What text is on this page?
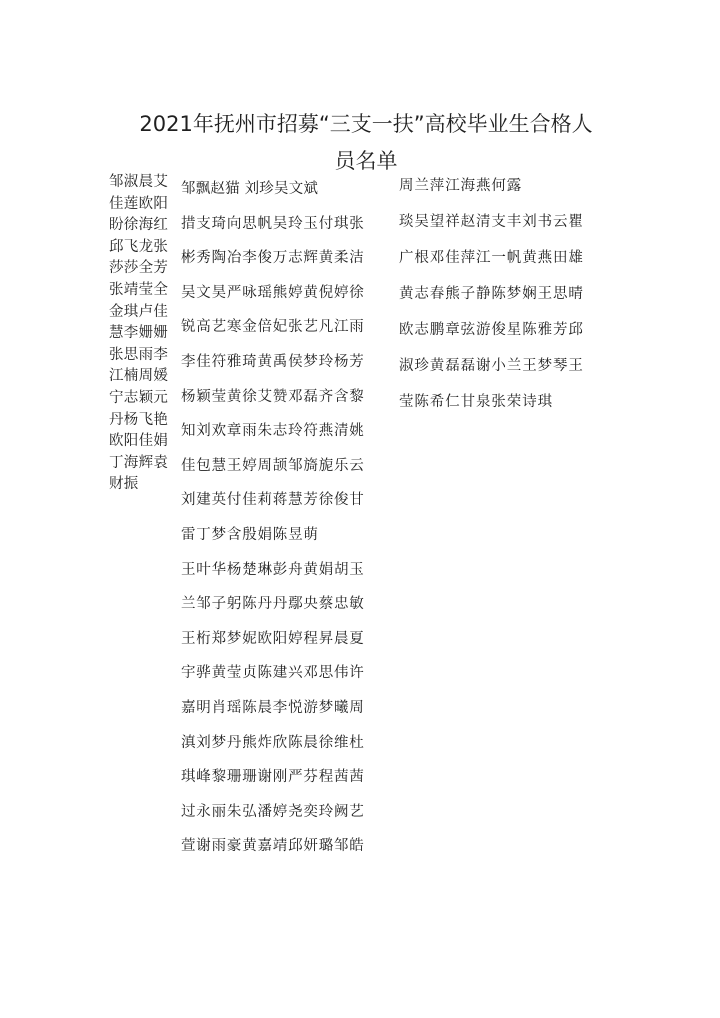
2021年抚州市招募“三支一扶”高校毕业生合格人
员名单
邹淑晨艾
佳莲欧阳
盼徐海红
邱飞龙张
莎莎全芳
张靖莹全
金琪卢佳
慧李姗姗
张思雨李
江楠周媛
宁志颖元
丹杨飞艳
欧阳佳娟
丁海辉袁
财振
邹飘赵猫 刘珍吴文斌
措支琦向思帆吴玲玉付琪张
彬秀陶冶李俊万志辉黄柔洁
吴文昊严咏瑶熊婷黄倪婷徐
锐高艺寒金倍妃张艺凡江雨
李佳符雅琦黄禹侯梦玲杨芳
杨颖莹黄徐艾赞邓磊齐含黎
知刘欢章雨朱志玲符燕清姚
佳包慧王婷周颉邹旖旎乐云
刘建英付佳莉蒋慧芳徐俊甘
雷丁梦含殷娟陈昱萌
王叶华杨楚琳彭舟黄娟胡玉
兰邹子躬陈丹丹鄢央蔡忠敏
王桁郑梦妮欧阳婷程昇晨夏
宇骅黄莹贞陈建兴邓思伟许
嘉明肖瑶陈晨李悦游梦曦周
滇刘梦丹熊炸欣陈晨徐维杜
琪峰黎珊珊谢刚严芬程茜茜
过永丽朱弘潘婷尧奕玲阙艺
萱谢雨豪黄嘉靖邱妍璐邹皓
周兰萍江海燕何露
琰吴望祥赵清支丰刘书云瞿
广根邓佳萍江一帆黄燕田雄
黄志春熊子静陈梦娴王思晴
欧志鹏章弦游俊星陈雅芳邱
淑珍黄磊磊谢小兰王梦琴王
莹陈希仁甘泉张荣诗琪
